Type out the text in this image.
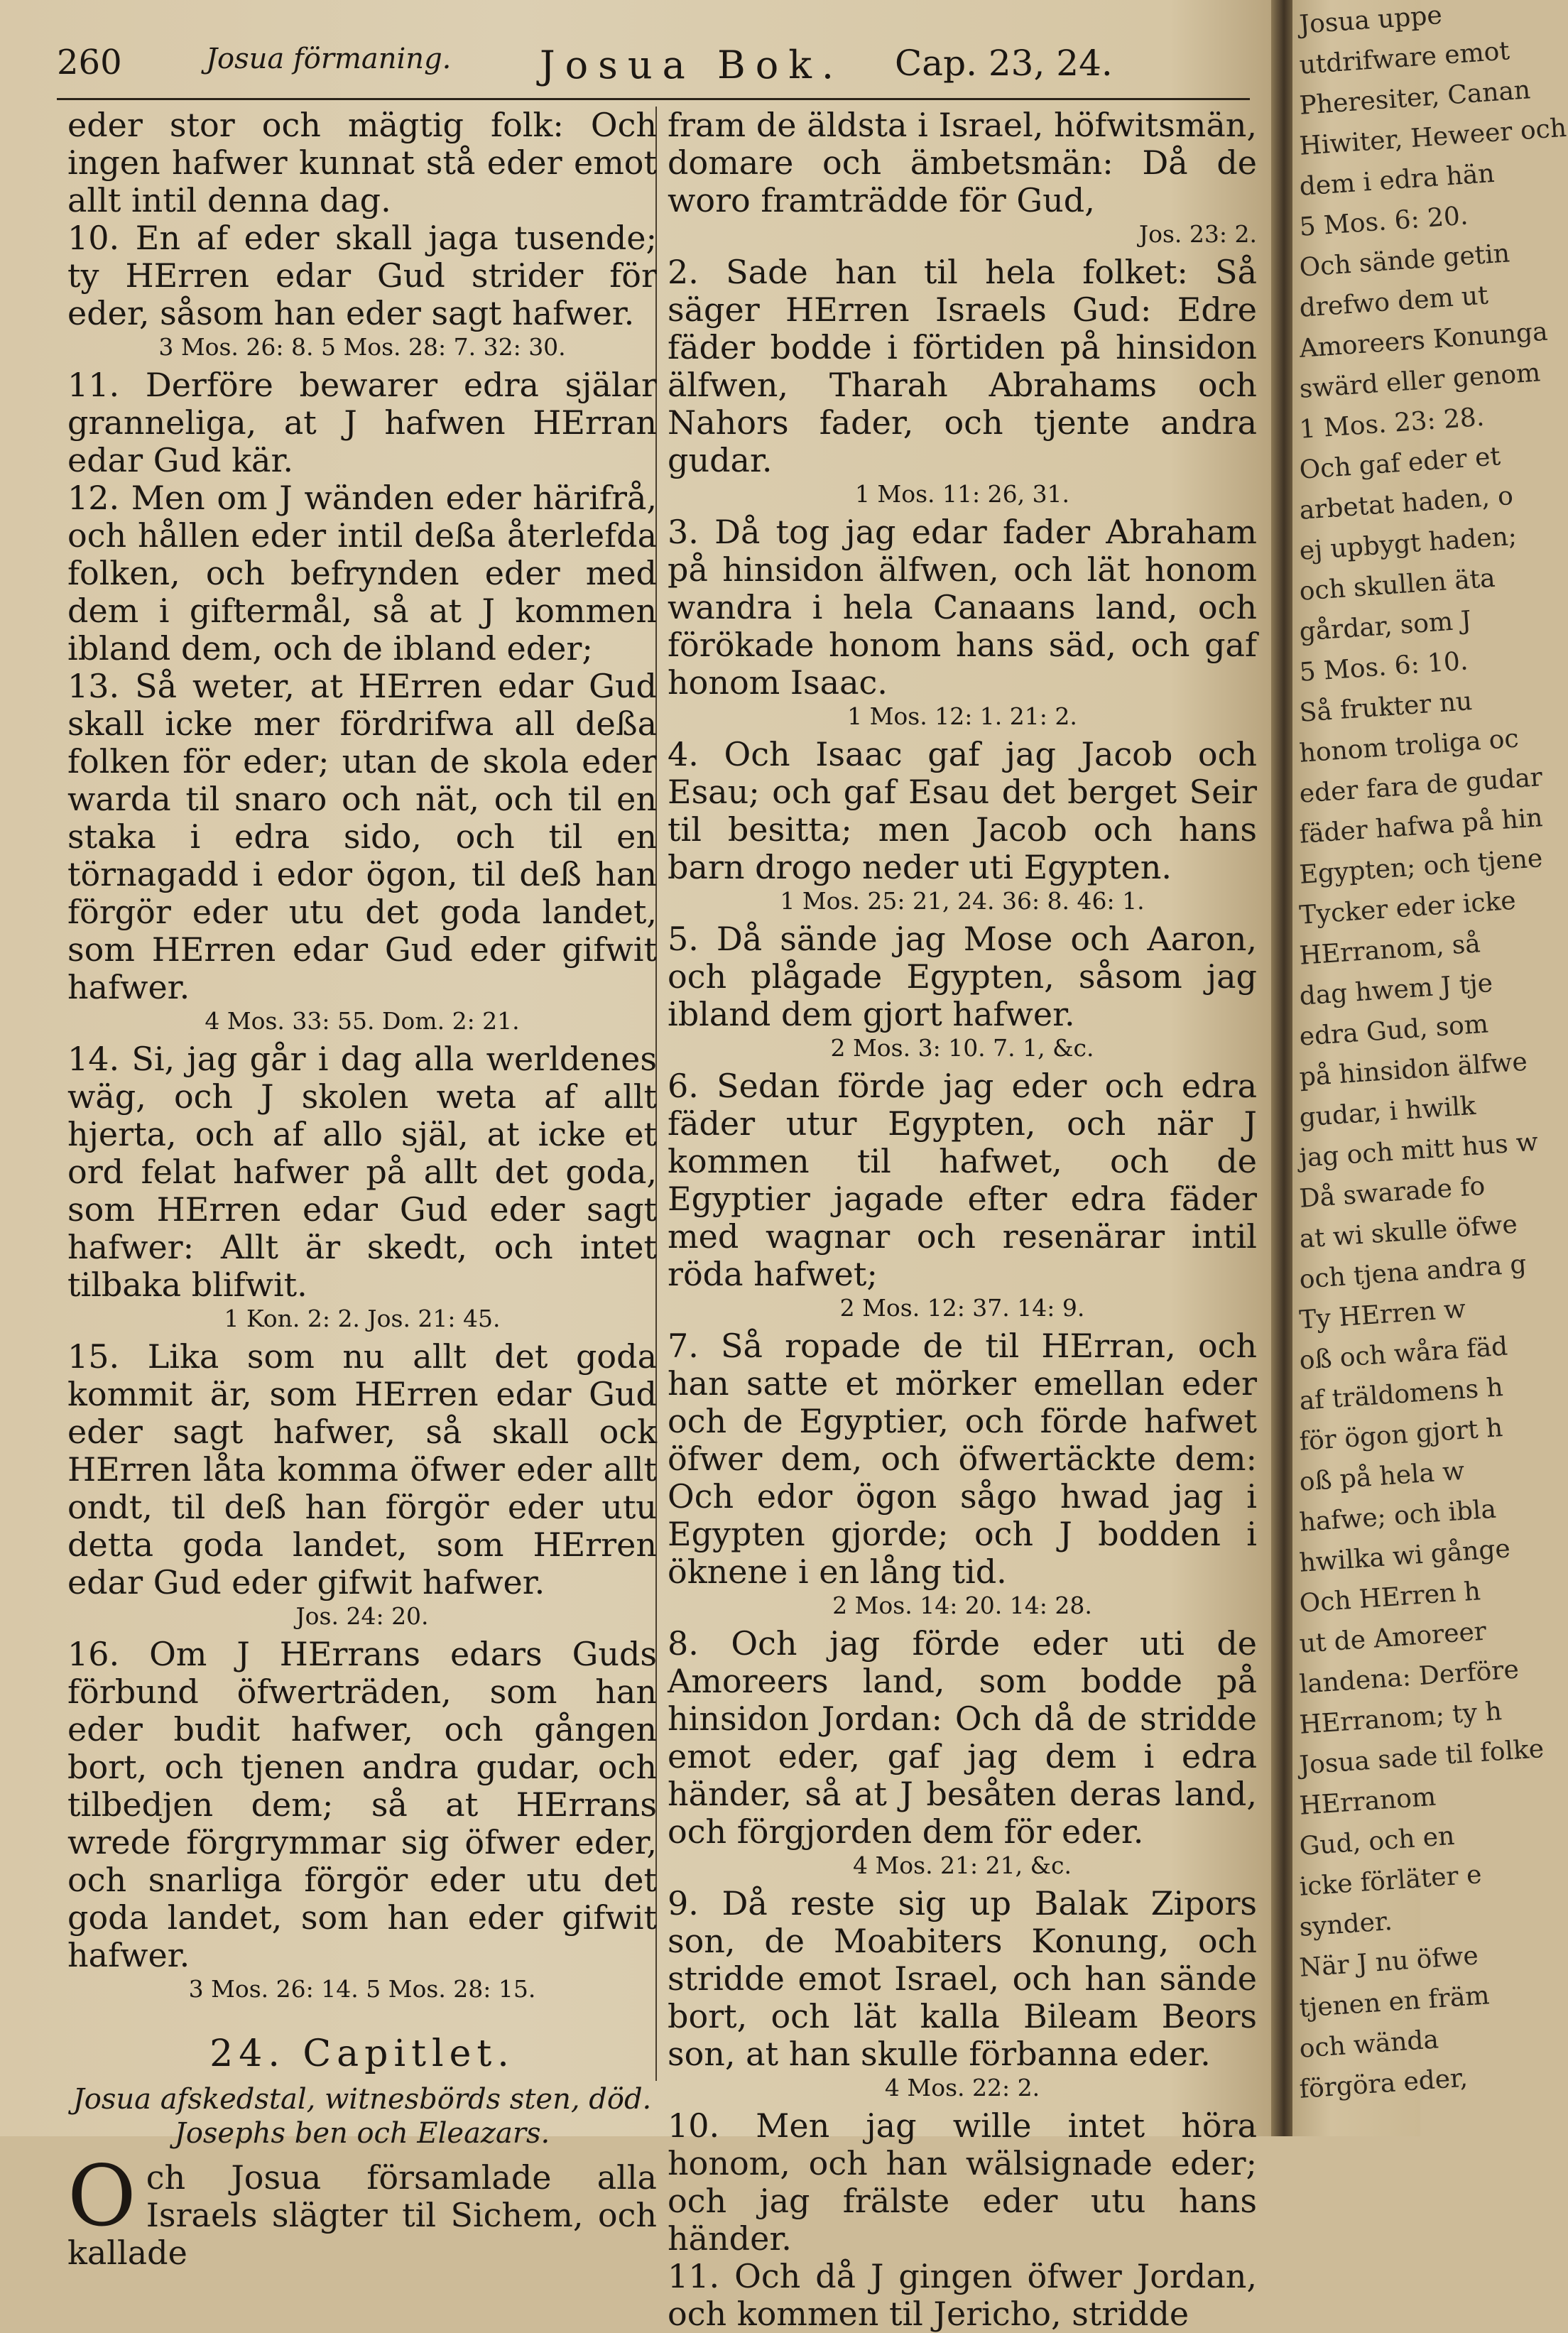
Josua uppe
utdrifware emot
Pheresiter, Canan
Hiwiter, Heweer och
dem i edra hän
5 Mos. 6: 20.
Och sände getin
drefwo dem ut
Amoreers Konunga
swärd eller genom
1 Mos. 23: 28.
Och gaf eder et
arbetat haden, o
ej upbygt haden;
och skullen äta
gårdar, som J
5 Mos. 6: 10.
Så frukter nu
honom troliga oc
eder fara de gudar
fäder hafwa på hin
Egypten; och tjene
Tycker eder icke
HErranom, så
dag hwem J tje
edra Gud, som
på hinsidon älfwe
gudar, i hwilk
jag och mitt hus w
Då swarade fo
at wi skulle öfwe
och tjena andra g
Ty HErren w
oß och wåra fäd
af träldomens h
för ögon gjort h
oß på hela w
hafwe; och ibla
hwilka wi gånge
Och HErren h
ut de Amoreer
landena: Derföre
HErranom; ty h
Josua sade til folke
HErranom
Gud, och en
icke förläter e
synder.
När J nu öfwe
tjenen en främ
och wända
förgöra eder,
260	Josua förmaning. Josua Bok. Cap. 23, 24.

eder stor och mägtig folk: Och ingen hafwer kunnat stå eder emot allt intil denna dag.

10. En af eder skall jaga tusende; ty HErren edar Gud strider för eder, såsom han eder sagt hafwer.

3 Mos. 26: 8. 5 Mos. 28: 7. 32: 30.

11. Derföre bewarer edra själar granneliga, at J hafwen HErran edar Gud kär.

12. Men om J wänden eder härifrå, och hållen eder intil deßa återlefda folken, och befrynden eder med dem i giftermål, så at J kommen ibland dem, och de ibland eder;

13. Så weter, at HErren edar Gud skall icke mer fördrifwa all deßa folken för eder; utan de skola eder warda til snaro och nät, och til en staka i edra sido, och til en törnagadd i edor ögon, til deß han förgör eder utu det goda landet, som HErren edar Gud eder gifwit hafwer.

4 Mos. 33: 55. Dom. 2: 21.

14. Si, jag går i dag alla werldenes wäg, och J skolen weta af allt hjerta, och af allo själ, at icke et ord felat hafwer på allt det goda, som HErren edar Gud eder sagt hafwer: Allt är skedt, och intet tilbaka blifwit.

1 Kon. 2: 2. Jos. 21: 45.

15. Lika som nu allt det goda kommit är, som HErren edar Gud eder sagt hafwer, så skall ock HErren låta komma öfwer eder allt ondt, til deß han förgör eder utu detta goda landet, som HErren edar Gud eder gifwit hafwer.

Jos. 24: 20.

16. Om J HErrans edars Guds förbund öfwerträden, som han eder budit hafwer, och gången bort, och tjenen andra gudar, och tilbedjen dem; så at HErrans wrede förgrymmar sig öfwer eder, och snarliga förgör eder utu det goda landet, som han eder gifwit hafwer.

3 Mos. 26: 14. 5 Mos. 28: 15.

24. Capitlet.
Josua afskedstal, witnesbörds sten, död. Josephs ben och Eleazars.

Och Josua församlade alla Israels slägter til Sichem, och kallade

fram de äldsta i Israel, höfwitsmän, domare och ämbetsmän: Då de woro framträdde för Gud,

Jos. 23: 2.

2. Sade han til hela folket: Så säger HErren Israels Gud: Edre fäder bodde i förtiden på hinsidon älfwen, Tharah Abrahams och Nahors fader, och tjente andra gudar.

1 Mos. 11: 26, 31.

3. Då tog jag edar fader Abraham på hinsidon älfwen, och lät honom wandra i hela Canaans land, och förökade honom hans säd, och gaf honom Isaac.

1 Mos. 12: 1. 21: 2.

4. Och Isaac gaf jag Jacob och Esau; och gaf Esau det berget Seir til besitta; men Jacob och hans barn drogo neder uti Egypten.

1 Mos. 25: 21, 24. 36: 8. 46: 1.

5. Då sände jag Mose och Aaron, och plågade Egypten, såsom jag ibland dem gjort hafwer.

2 Mos. 3: 10. 7. 1, &c.

6. Sedan förde jag eder och edra fäder utur Egypten, och när J kommen til hafwet, och de Egyptier jagade efter edra fäder med wagnar och resenärar intil röda hafwet;

2 Mos. 12: 37. 14: 9.

7. Så ropade de til HErran, och han satte et mörker emellan eder och de Egyptier, och förde hafwet öfwer dem, och öfwertäckte dem: Och edor ögon sågo hwad jag i Egypten gjorde; och J bodden i öknene i en lång tid.

2 Mos. 14: 20. 14: 28.

8. Och jag förde eder uti de Amoreers land, som bodde på hinsidon Jordan: Och då de stridde emot eder, gaf jag dem i edra händer, så at J besåten deras land, och förgjorden dem för eder.

4 Mos. 21: 21, &c.

9. Då reste sig up Balak Zipors son, de Moabiters Konung, och stridde emot Israel, och han sände bort, och lät kalla Bileam Beors son, at han skulle förbanna eder.

4 Mos. 22: 2.

10. Men jag wille intet höra honom, och han wälsignade eder; och jag frälste eder utu hans händer.

11. Och då J gingen öfwer Jordan, och kommen til Jericho, stridde
